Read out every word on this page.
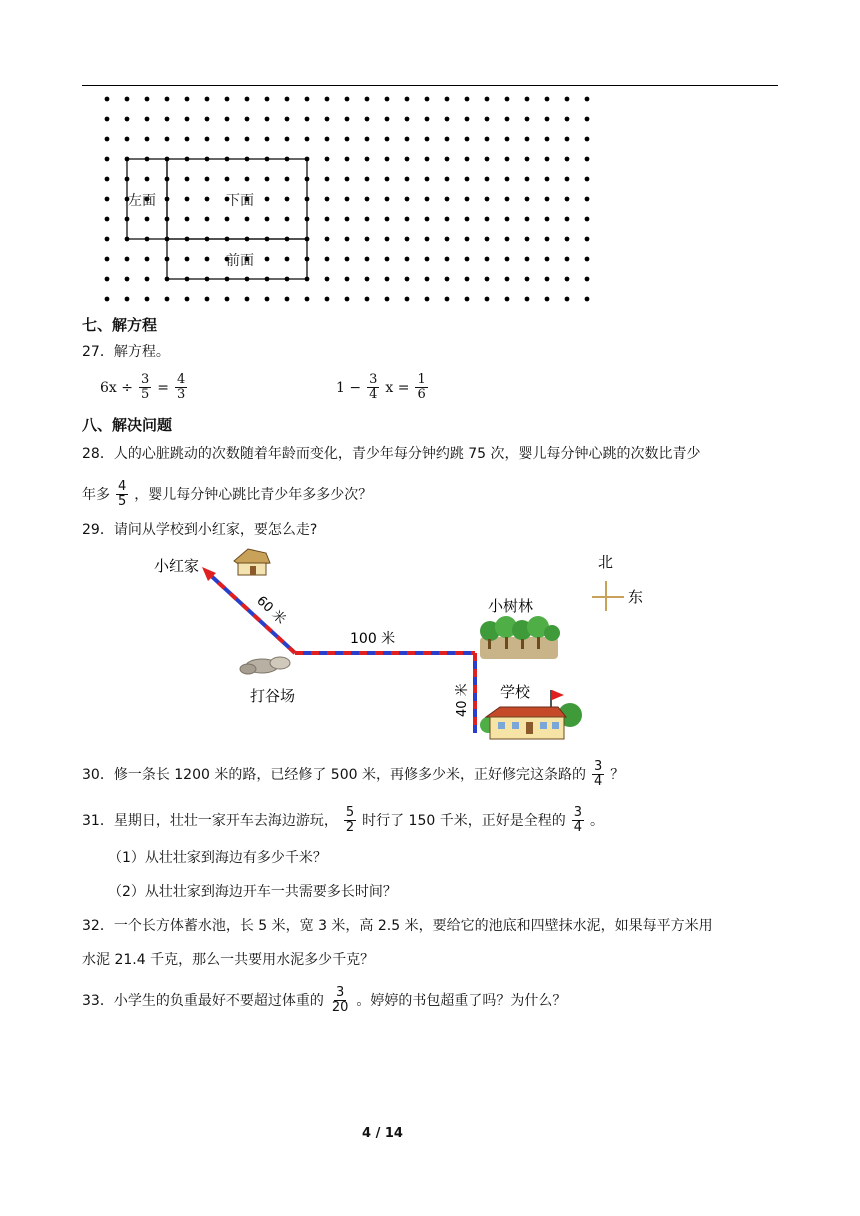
左面	下面
前面
七、解方程
27．解方程。
$6x \div \frac{3}{5} = \frac{4}{3}$	$1 - \frac{3}{4}$ $x = \frac{1}{6}$
八、解决问题
28．人的心脏跳动的次数随着年龄而变化，青少年每分钟约跳 75 次，婴儿每分钟心跳的次数比青少
年多 $\frac{4}{5}$ ，婴儿每分钟心跳比青少年多多少次？
29．请问从学校到小红家，要怎么走?
小红家
60 米
100 米
40 米
打谷场
小树林
学校
北
东
30．修一条长 1200 米的路，已经修了 500 米，再修多少米，正好修完这条路的 $\frac{3}{4}$ ？
31．星期日，壮壮一家开车去海边游玩， $\frac{5}{2}$ 时行了 150 千米，正好是全程的 $\frac{3}{4}$ 。
（1）从壮壮家到海边有多少千米？
（2）从壮壮家到海边开车一共需要多长时间？
32．一个长方体蓄水池，长 5 米，宽 3 米，高 2.5 米，要给它的池底和四壁抹水泥，如果每平方米用
水泥 21.4 千克，那么一共要用水泥多少千克？
33．小学生的负重最好不要超过体重的 $\frac{3}{20}$ 。婷婷的书包超重了吗？为什么？
4 / 14
